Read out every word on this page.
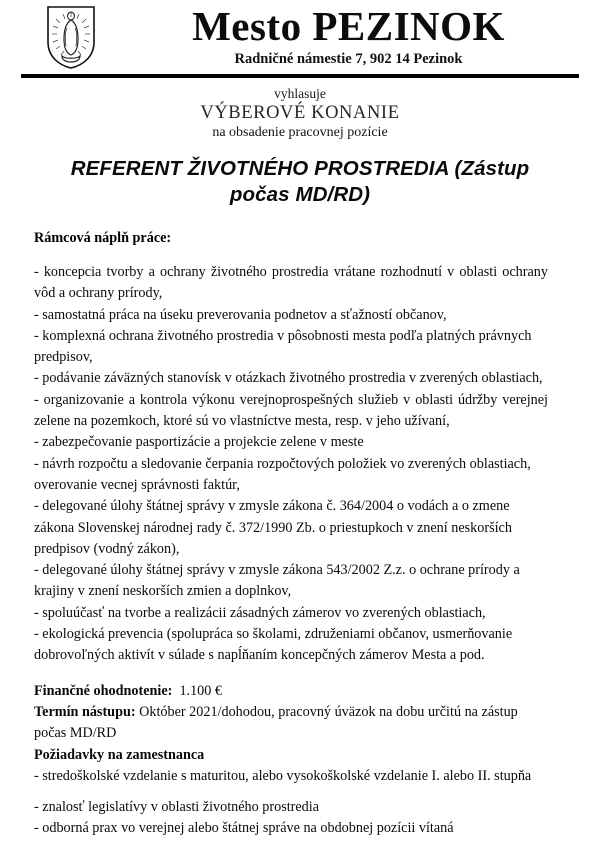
Mesto PEZINOK
Radničné námestie 7, 902 14 Pezinok
vyhlasuje
VÝBEROVÉ KONANIE
na obsadenie pracovnej pozície
REFERENT ŽIVOTNÉHO PROSTREDIA (Zástup počas MD/RD)
Rámcová náplň práce:

- koncepcia tvorby a ochrany životného prostredia vrátane rozhodnutí v oblasti ochrany vôd a ochrany prírody,

- samostatná práca na úseku preverovania podnetov a sťažností občanov,

- komplexná ochrana životného prostredia v pôsobnosti mesta podľa platných právnych predpisov,

- podávanie záväzných stanovísk v otázkach životného prostredia v zverených oblastiach,

- organizovanie a kontrola výkonu verejnoprospešných služieb v oblasti údržby verejnej zelene na pozemkoch, ktoré sú vo vlastníctve mesta, resp. v jeho užívaní,

- zabezpečovanie pasportizácie a projekcie zelene v meste

- návrh rozpočtu a sledovanie čerpania rozpočtových položiek vo zverených oblastiach, overovanie vecnej správnosti faktúr,

- delegované úlohy štátnej správy v zmysle zákona č. 364/2004 o vodách a o zmene zákona Slovenskej národnej rady č. 372/1990 Zb. o priestupkoch v znení neskorších predpisov (vodný zákon),

- delegované úlohy štátnej správy v zmysle zákona 543/2002 Z.z. o ochrane prírody a krajiny v znení neskorších zmien a doplnkov,

- spoluúčasť na tvorbe a realizácii zásadných zámerov vo zverených oblastiach,

- ekologická prevencia (spolupráca so školami, združeniami občanov, usmerňovanie dobrovoľných aktivít v súlade s napĺňaním koncepčných zámerov Mesta a pod.

Finančné ohodnotenie: 1.100 €

Termín nástupu: Október 2021/dohodou, pracovný úväzok na dobu určitú na zástup počas MD/RD

Požiadavky na zamestnanca

- stredoškolské vzdelanie s maturitou, alebo vysokoškolské vzdelanie I. alebo II. stupňa

- znalosť legislatívy v oblasti životného prostredia

- odborná prax vo verejnej alebo štátnej správe na obdobnej pozícii vítaná
